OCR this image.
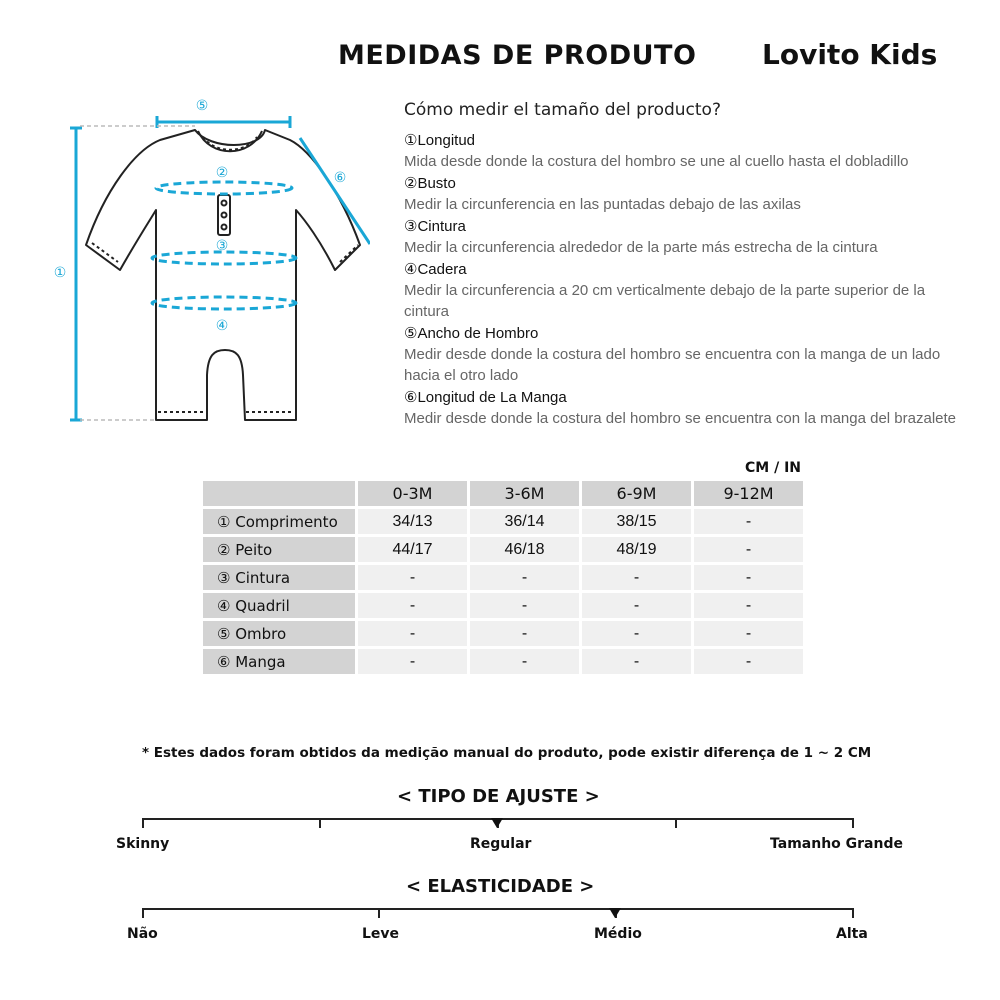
MEDIDAS DE PRODUTO Lovito Kids
①
②
③
④
⑤
⑥
Cómo medir el tamaño del producto?
①Longitud
Mida desde donde la costura del hombro se une al cuello hasta el dobladillo
②Busto
Medir la circunferencia en las puntadas debajo de las axilas
③Cintura
Medir la circunferencia alrededor de la parte más estrecha de la cintura
④Cadera
Medir la circunferencia a 20 cm verticalmente debajo de la parte superior de la cintura
⑤Ancho de Hombro
Medir desde donde la costura del hombro se encuentra con la manga de un lado hacia el otro lado
⑥Longitud de La Manga
Medir desde donde la costura del hombro se encuentra con la manga del brazalete
CM / IN
	0-3M	3-6M	6-9M	9-12M
① Comprimento	34/13	36/14	38/15	-
② Peito	44/17	46/18	48/19	-
③ Cintura	-	-	-	-
④ Quadril	-	-	-	-
⑤ Ombro	-	-	-	-
⑥ Manga	-	-	-	-
* Estes dados foram obtidos da medição manual do produto, pode existir diferença de 1 ~ 2 CM
< TIPO DE AJUSTE >
Skinny	Regular	Tamanho Grande
< ELASTICIDADE >
Não	Leve	Médio	Alta
